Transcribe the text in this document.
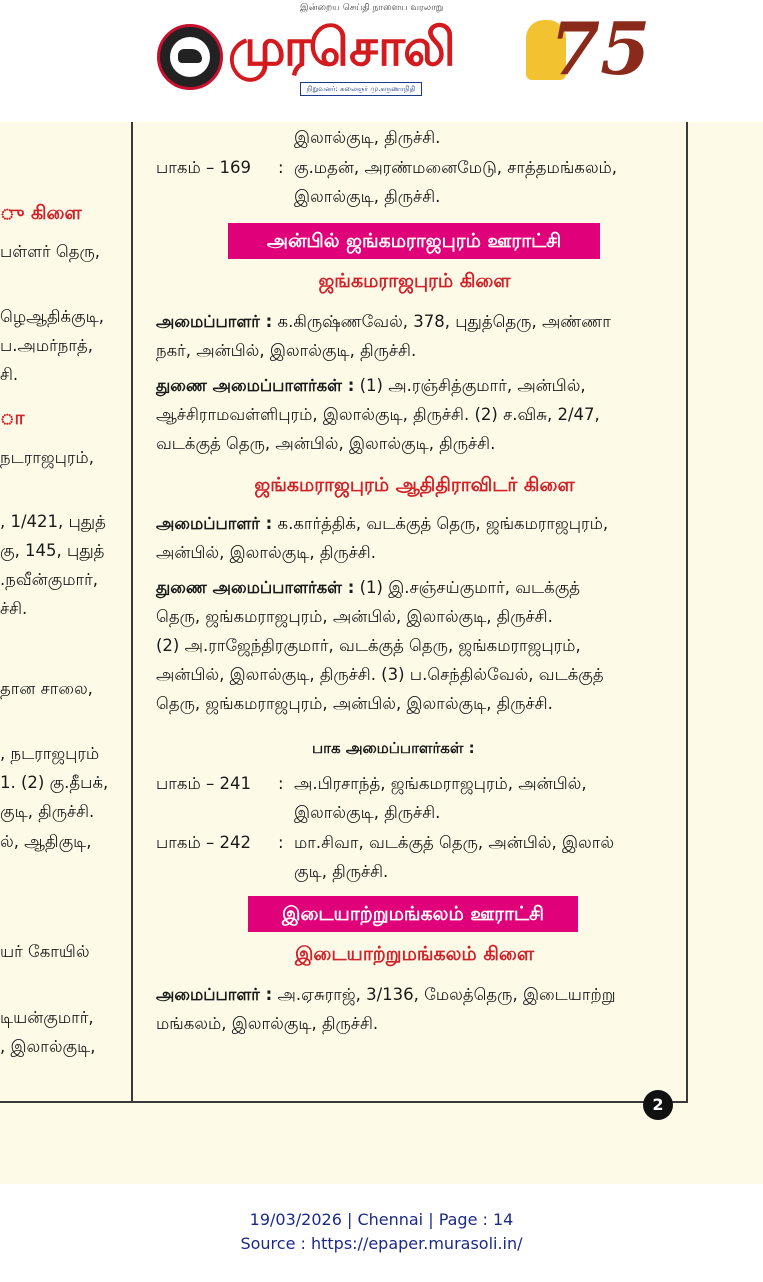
இன்றைய செய்தி நாளைய வரலாறு
முரசொலி
நிறுவனர்: கலைஞர் மு.கருணாநிதி 75
ு கிளை
பள்ளர் தெரு,
ழெஆதிக்குடி,
ப.அமர்நாத்,
சி.
ா
நடராஜபுரம்,
, 1/421, புதுத்
கு, 145, புதுத்
.நவீன்குமார்,
ச்சி.
தான சாலை,
, நடராஜபுரம்
1. (2) கு.தீபக்,
குடி, திருச்சி.
ல், ஆதிகுடி,
யர் கோயில்
டியன்குமார்,
, இலால்குடி,
இலால்குடி, திருச்சி.
பாகம் – 169 : கு.மதன், அரண்மனைமேடு, சாத்தமங்கலம்,
இலால்குடி, திருச்சி.
அன்பில் ஜங்கமராஜபுரம் ஊராட்சி
ஜங்கமராஜபுரம் கிளை
அமைப்பாளர் : க.கிருஷ்ணவேல், 378, புதுத்தெரு, அண்ணா
நகர், அன்பில், இலால்குடி, திருச்சி.
துணை அமைப்பாளர்கள் : (1) அ.ரஞ்சித்குமார், அன்பில்,
ஆச்சிராமவள்ளிபுரம், இலால்குடி, திருச்சி. (2) ச.விசு, 2/47,
வடக்குத் தெரு, அன்பில், இலால்குடி, திருச்சி.
ஜங்கமராஜபுரம் ஆதிதிராவிடர் கிளை
அமைப்பாளர் : க.கார்த்திக், வடக்குத் தெரு, ஜங்கமராஜபுரம்,
அன்பில், இலால்குடி, திருச்சி.
துணை அமைப்பாளர்கள் : (1) இ.சஞ்சய்குமார், வடக்குத்
தெரு, ஜங்கமராஜபுரம், அன்பில், இலால்குடி, திருச்சி.
(2) அ.ராஜேந்திரகுமார், வடக்குத் தெரு, ஜங்கமராஜபுரம்,
அன்பில், இலால்குடி, திருச்சி. (3) ப.செந்தில்வேல், வடக்குத்
தெரு, ஜங்கமராஜபுரம், அன்பில், இலால்குடி, திருச்சி.
பாக அமைப்பாளர்கள் :
பாகம் – 241 : அ.பிரசாந்த், ஜங்கமராஜபுரம், அன்பில்,
இலால்குடி, திருச்சி.
பாகம் – 242 : மா.சிவா, வடக்குத் தெரு, அன்பில், இலால்
குடி, திருச்சி.
இடையாற்றுமங்கலம் ஊராட்சி
இடையாற்றுமங்கலம் கிளை
அமைப்பாளர் : அ.ஏசுராஜ், 3/136, மேலத்தெரு, இடையாற்று
மங்கலம், இலால்குடி, திருச்சி.
2
19/03/2026 | Chennai | Page : 14
Source : https://epaper.murasoli.in/
